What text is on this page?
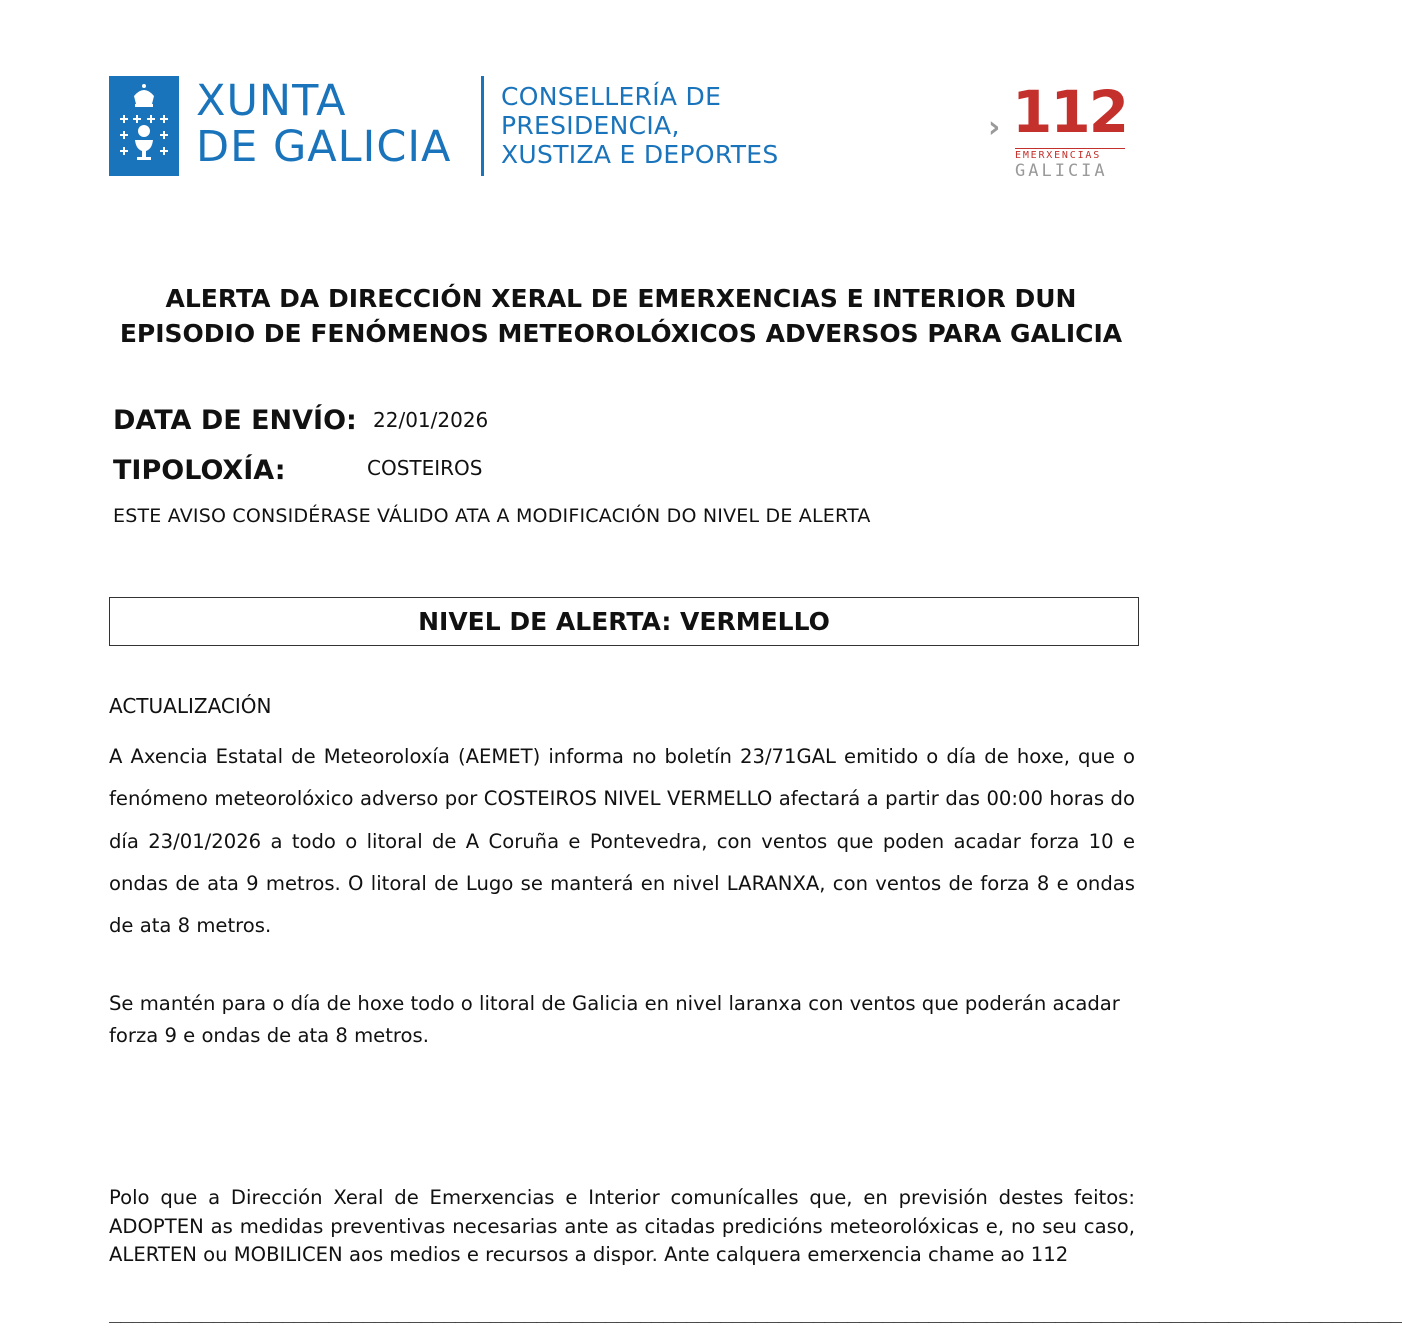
XUNTA
DE GALICIA
CONSELLERÍA DE
PRESIDENCIA,
XUSTIZA E DEPORTES
› 112
EMERXENCIAS
GALICIA
ALERTA DA DIRECCIÓN XERAL DE EMERXENCIAS E INTERIOR DUN
EPISODIO DE FENÓMENOS METEOROLÓXICOS ADVERSOS PARA GALICIA
DATA DE ENVÍO: 22/01/2026
TIPOLOXÍA:	COSTEIROS
ESTE AVISO CONSIDÉRASE VÁLIDO ATA A MODIFICACIÓN DO NIVEL DE ALERTA
NIVEL DE ALERTA: VERMELLO
ACTUALIZACIÓN
A Axencia Estatal de Meteoroloxía (AEMET) informa no boletín 23/71GAL emitido o día de hoxe, que o fenómeno meteorolóxico adverso por COSTEIROS NIVEL VERMELLO afectará a partir das 00:00 horas do día 23/01/2026 a todo o litoral de A Coruña e Pontevedra, con ventos que poden acadar forza 10 e ondas de ata 9 metros. O litoral de Lugo se manterá en nivel LARANXA, con ventos de forza 8 e ondas de ata 8 metros.
Se mantén para o día de hoxe todo o litoral de Galicia en nivel laranxa con ventos que poderán acadar forza 9 e ondas de ata 8 metros.
Polo que a Dirección Xeral de Emerxencias e Interior comunícalles que, en previsión destes feitos: ADOPTEN as medidas preventivas necesarias ante as citadas predicións meteorolóxicas e, no seu caso, ALERTEN ou MOBILICEN aos medios e recursos a dispor. Ante calquera emerxencia chame ao 112
________________________________________________________________________________________________________________
